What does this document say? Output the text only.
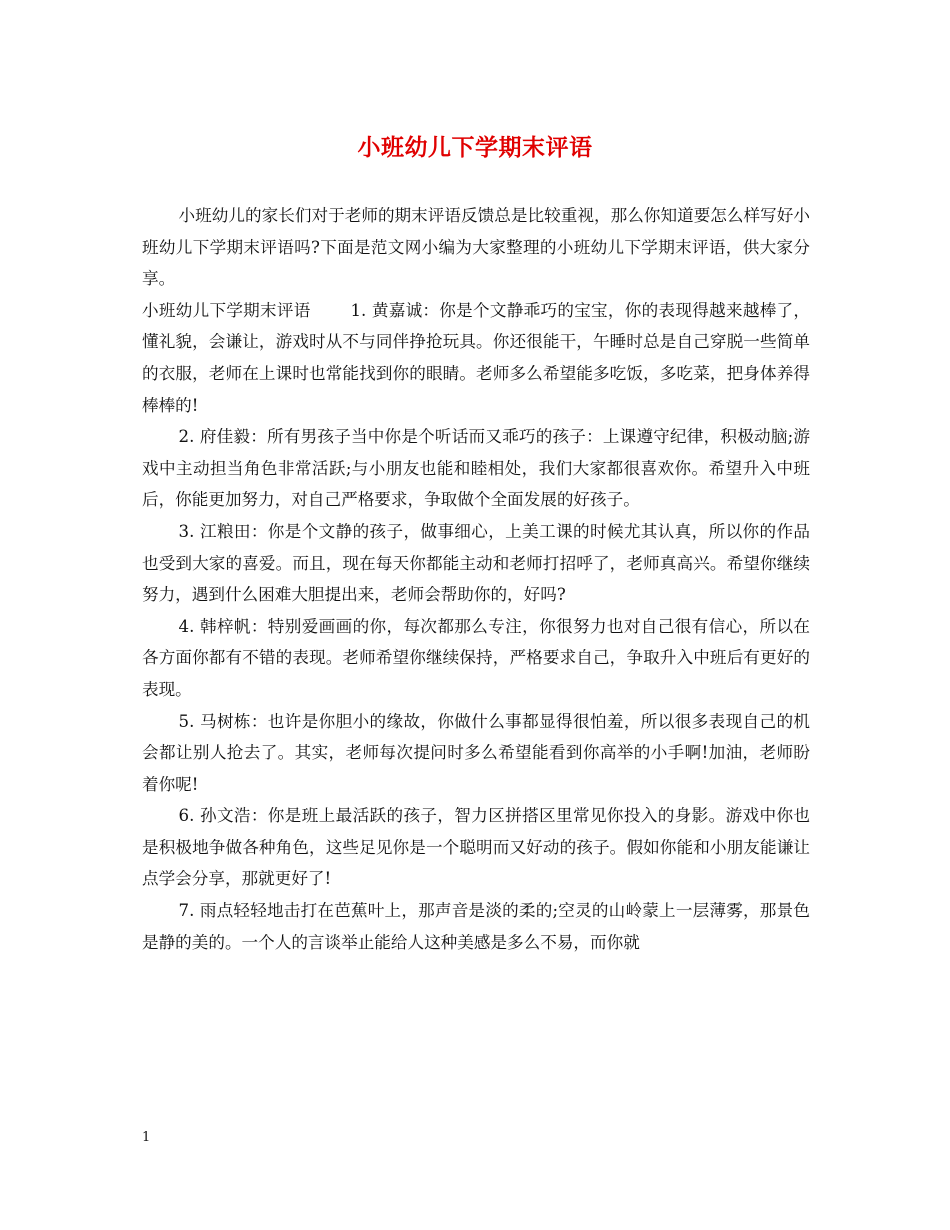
小班幼儿下学期末评语

小班幼儿的家长们对于老师的期末评语反馈总是比较重视，那么你知道要怎么样写好小班幼儿下学期末评语吗?下面是范文网小编为大家整理的小班幼儿下学期末评语，供大家分享。

小班幼儿下学期末评语 1. 黄嘉诚：你是个文静乖巧的宝宝，你的表现得越来越棒了，懂礼貌，会谦让，游戏时从不与同伴挣抢玩具。你还很能干，午睡时总是自己穿脱一些简单的衣服，老师在上课时也常能找到你的眼睛。老师多么希望能多吃饭，多吃菜，把身体养得棒棒的!

2. 府佳毅：所有男孩子当中你是个听话而又乖巧的孩子：上课遵守纪律，积极动脑;游戏中主动担当角色非常活跃;与小朋友也能和睦相处，我们大家都很喜欢你。希望升入中班后，你能更加努力，对自己严格要求，争取做个全面发展的好孩子。

3. 江粮田：你是个文静的孩子，做事细心，上美工课的时候尤其认真，所以你的作品也受到大家的喜爱。而且，现在每天你都能主动和老师打招呼了，老师真高兴。希望你继续努力，遇到什么困难大胆提出来，老师会帮助你的，好吗?

4. 韩梓帆：特别爱画画的你，每次都那么专注，你很努力也对自己很有信心，所以在各方面你都有不错的表现。老师希望你继续保持，严格要求自己，争取升入中班后有更好的表现。

5. 马树栋：也许是你胆小的缘故，你做什么事都显得很怕羞，所以很多表现自己的机会都让别人抢去了。其实，老师每次提问时多么希望能看到你高举的小手啊!加油，老师盼着你呢!

6. 孙文浩：你是班上最活跃的孩子，智力区拼搭区里常见你投入的身影。游戏中你也是积极地争做各种角色，这些足见你是一个聪明而又好动的孩子。假如你能和小朋友能谦让点学会分享，那就更好了!

7. 雨点轻轻地击打在芭蕉叶上，那声音是淡的柔的;空灵的山岭蒙上一层薄雾，那景色是静的美的。一个人的言谈举止能给人这种美感是多么不易，而你就

1
